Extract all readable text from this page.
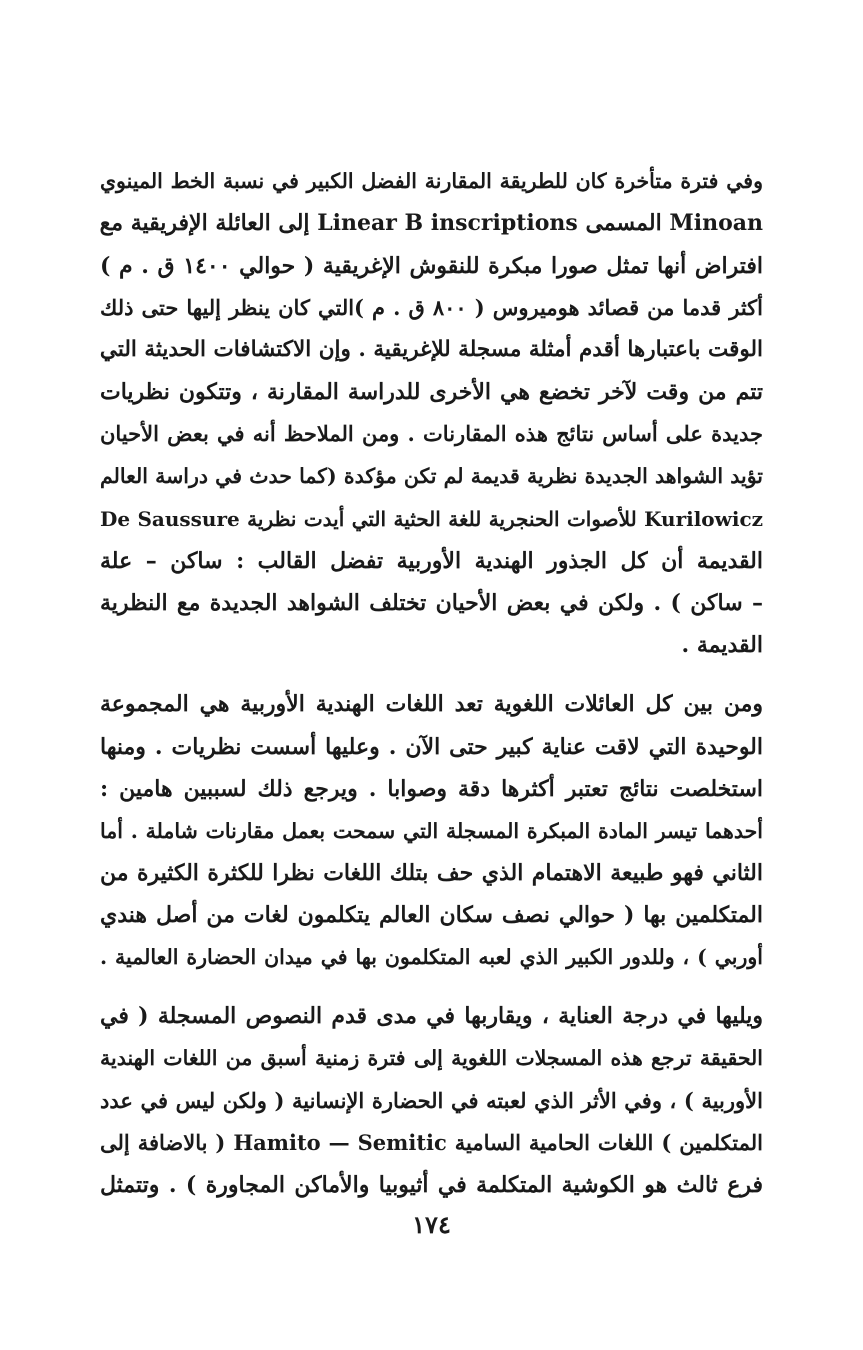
وفي فترة متأخرة كان للطريقة المقارنة الفضل الكبير في نسبة الخط المينوي
Minoan المسمى Linear B inscriptions إلى العائلة الإفريقية مع
افتراض أنها تمثل صورا مبكرة للنقوش الإغريقية ( حوالي ١٤٠٠ ق . م )
أكثر قدما من قصائد هوميروس ( ٨٠٠ ق . م )التي كان ينظر إليها حتى ذلك
الوقت باعتبارها أقدم أمثلة مسجلة للإغريقية . وإن الاكتشافات الحديثة التي
تتم من وقت لآخر تخضع هي الأخرى للدراسة المقارنة ، وتتكون نظريات
جديدة على أساس نتائج هذه المقارنات . ومن الملاحظ أنه في بعض الأحيان
تؤيد الشواهد الجديدة نظرية قديمة لم تكن مؤكدة (كما حدث في دراسة العالم
Kurilowicz للأصوات الحنجرية للغة الحثية التي أيدت نظرية De Saussure
القديمة أن كل الجذور الهندية الأوربية تفضل القالب : ساكن – علة
– ساكن ) . ولكن في بعض الأحيان تختلف الشواهد الجديدة مع النظرية
القديمة .
ومن بين كل العائلات اللغوية تعد اللغات الهندية الأوربية هي المجموعة
الوحيدة التي لاقت عناية كبير حتى الآن . وعليها أسست نظريات . ومنها
استخلصت نتائج تعتبر أكثرها دقة وصوابا . ويرجع ذلك لسببين هامين :
أحدهما تيسر المادة المبكرة المسجلة التي سمحت بعمل مقارنات شاملة . أما
الثاني فهو طبيعة الاهتمام الذي حف بتلك اللغات نظرا للكثرة الكثيرة من
المتكلمين بها ( حوالي نصف سكان العالم يتكلمون لغات من أصل هندي
أوربي ) ، وللدور الكبير الذي لعبه المتكلمون بها في ميدان الحضارة العالمية .
ويليها في درجة العناية ، ويقاربها في مدى قدم النصوص المسجلة ( في
الحقيقة ترجع هذه المسجلات اللغوية إلى فترة زمنية أسبق من اللغات الهندية
الأوربية ) ، وفي الأثر الذي لعبته في الحضارة الإنسانية ( ولكن ليس في عدد
المتكلمين ) اللغات الحامية السامية Hamito — Semitic ( بالاضافة إلى
فرع ثالث هو الكوشية المتكلمة في أثيوبيا والأماكن المجاورة ) . وتتمثل
١٧٤
